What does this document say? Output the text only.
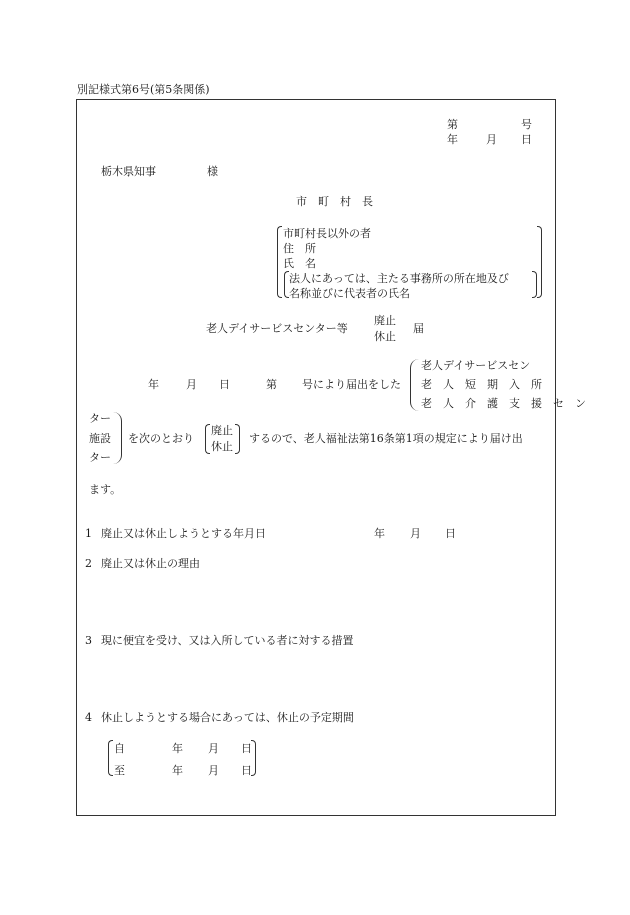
別記様式第6号(第5条関係)
第	号
年	月 日
栃木県知事	様
市　町　村　長
市町村長以外の者
住　所
氏　名
法人にあっては、主たる事務所の所在地及び
名称並びに代表者の氏名
老人デイサービスセンター等
廃止
休止
届
年 月 日	第 号により届出をした
老人デイサービスセン
老　人　短　期　入　所
老　人　介　護　支　援　セ　ン
ター
施設
ター
を次のとおり
廃止
休止
するので、老人福祉法第16条第1項の規定により届け出
ます。
1 廃止又は休止しようとする年月日	年 月 日
2 廃止又は休止の理由
3 現に便宜を受け、又は入所している者に対する措置
4 休止しようとする場合にあっては、休止の予定期間
自	年 月 日
至	年 月 日
